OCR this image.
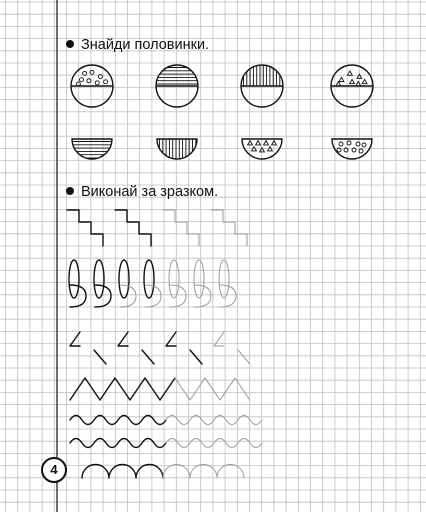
Знайди половинки.
Виконай за зразком.
4
